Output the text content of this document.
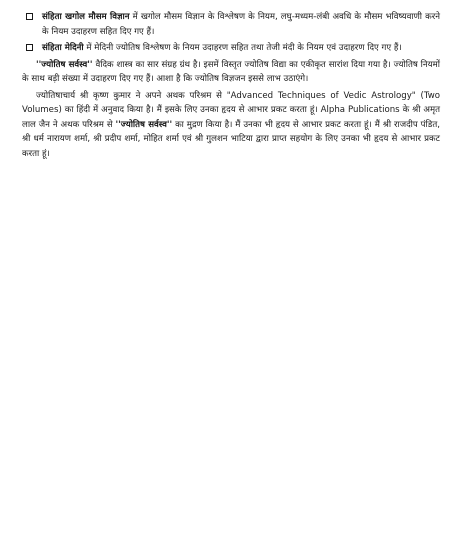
संहिता खगोल मौसम विज्ञान में खगोल मौसम विज्ञान के विश्लेषण के नियम, लघु-मध्यम-लंबी अवधि के मौसम भविष्यवाणी करने के नियम उदाहरण सहित दिए गए हैं।
संहिता मेदिनी में मेदिनी ज्योतिष विश्लेषण के नियम उदाहरण सहित तथा तेजी मंदी के नियम एवं उदाहरण दिए गए हैं।

''ज्योतिष सर्वस्व'' वैदिक शास्त्र का सार संग्रह ग्रंथ है। इसमें विस्तृत ज्योतिष विद्या का एकीकृत सारांश दिया गया है। ज्योतिष नियमों के साथ बड़ी संख्या में उदाहरण दिए गए हैं। आशा है कि ज्योतिष विज्ञजन इससे लाभ उठाएंगे।

ज्योतिषाचार्य श्री कृष्ण कुमार ने अपने अथक परिश्रम से "Advanced Techniques of Vedic Astrology" (Two Volumes) का हिंदी में अनुवाद किया है। मैं इसके लिए उनका हृदय से आभार प्रकट करता हूं। Alpha Publications के श्री अमृत लाल जैन ने अथक परिश्रम से ''ज्योतिष सर्वस्व'' का मुद्रण किया है। मैं उनका भी हृदय से आभार प्रकट करता हूं। मैं श्री राजदीप पंडित, श्री धर्म नारायण शर्मा, श्री प्रदीप शर्मा, मोहित शर्मा एवं श्री गुलशन भाटिया द्वारा प्राप्त सहयोग के लिए उनका भी हृदय से आभार प्रकट करता हूं।
